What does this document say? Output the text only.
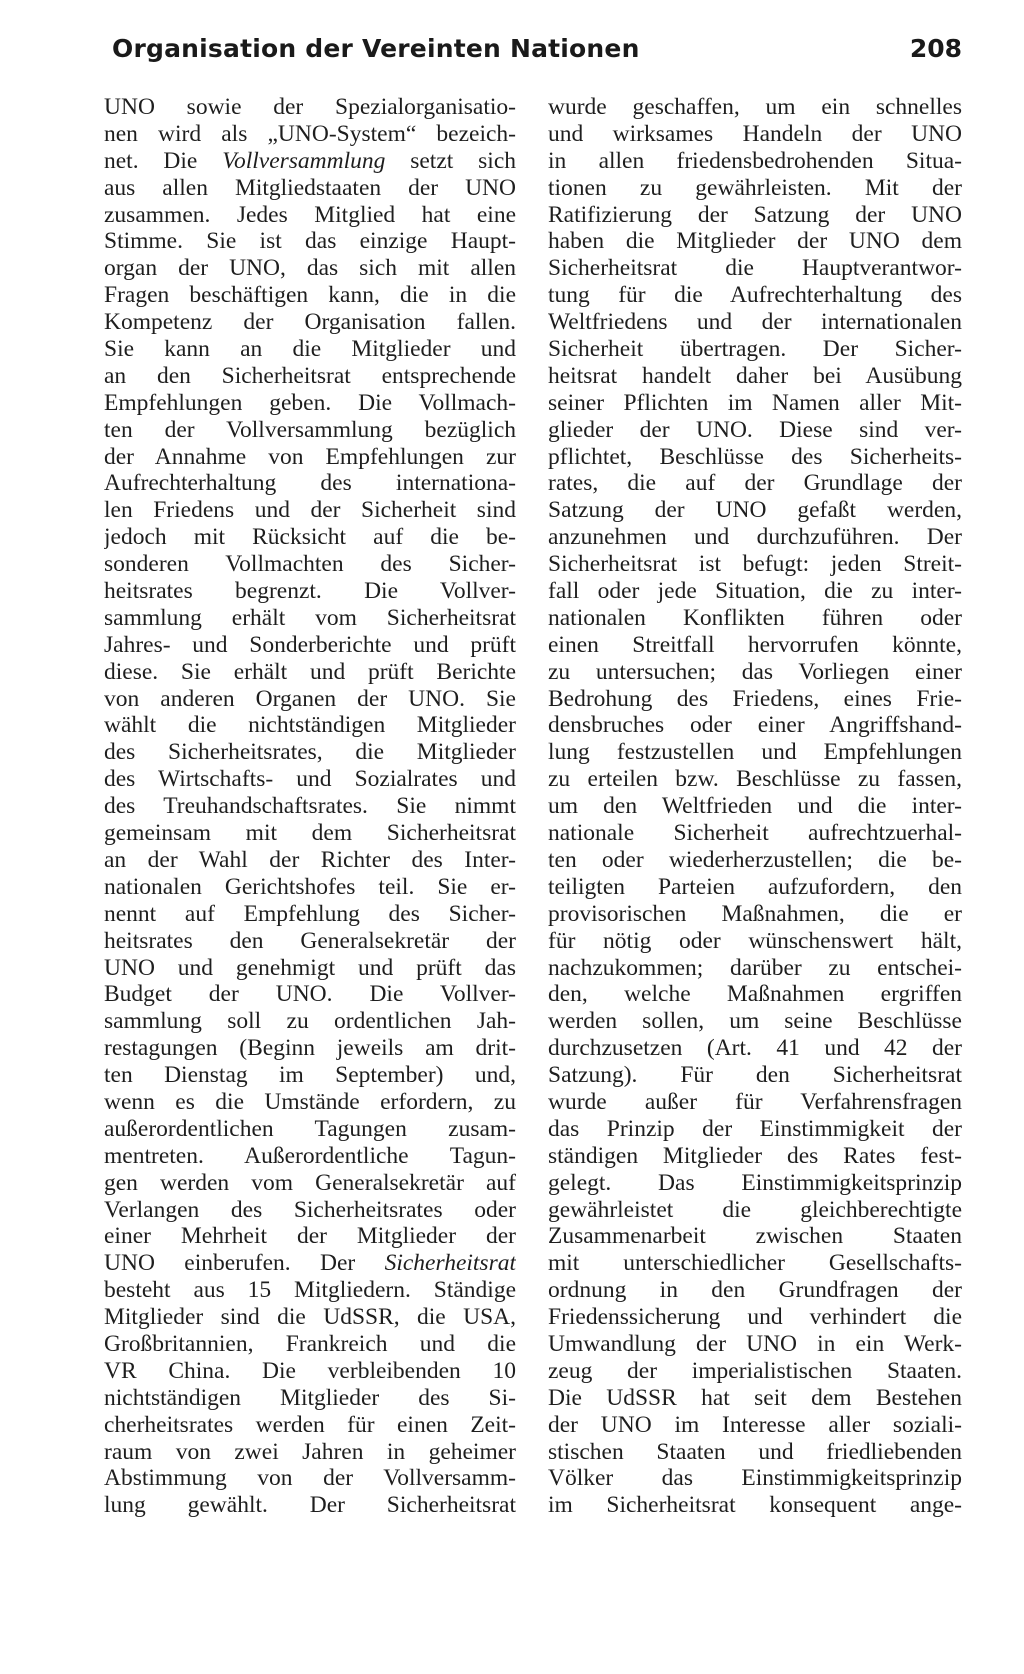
Organisation der Vereinten Nationen	208
UNO sowie der Spezialorganisatio-
nen wird als „UNO-System“ bezeich-
net. Die Vollversammlung setzt sich
aus allen Mitgliedstaaten der UNO
zusammen. Jedes Mitglied hat eine
Stimme. Sie ist das einzige Haupt-
organ der UNO, das sich mit allen
Fragen beschäftigen kann, die in die
Kompetenz der Organisation fallen.
Sie kann an die Mitglieder und
an den Sicherheitsrat entsprechende
Empfehlungen geben. Die Vollmach-
ten der Vollversammlung bezüglich
der Annahme von Empfehlungen zur
Aufrechterhaltung des internationa-
len Friedens und der Sicherheit sind
jedoch mit Rücksicht auf die be-
sonderen Vollmachten des Sicher-
heitsrates begrenzt. Die Vollver-
sammlung erhält vom Sicherheitsrat
Jahres- und Sonderberichte und prüft
diese. Sie erhält und prüft Berichte
von anderen Organen der UNO. Sie
wählt die nichtständigen Mitglieder
des Sicherheitsrates, die Mitglieder
des Wirtschafts- und Sozialrates und
des Treuhandschaftsrates. Sie nimmt
gemeinsam mit dem Sicherheitsrat
an der Wahl der Richter des Inter-
nationalen Gerichtshofes teil. Sie er-
nennt auf Empfehlung des Sicher-
heitsrates den Generalsekretär der
UNO und genehmigt und prüft das
Budget der UNO. Die Vollver-
sammlung soll zu ordentlichen Jah-
restagungen (Beginn jeweils am drit-
ten Dienstag im September) und,
wenn es die Umstände erfordern, zu
außerordentlichen Tagungen zusam-
mentreten. Außerordentliche Tagun-
gen werden vom Generalsekretär auf
Verlangen des Sicherheitsrates oder
einer Mehrheit der Mitglieder der
UNO einberufen. Der Sicherheitsrat
besteht aus 15 Mitgliedern. Ständige
Mitglieder sind die UdSSR, die USA,
Großbritannien, Frankreich und die
VR China. Die verbleibenden 10
nichtständigen Mitglieder des Si-
cherheitsrates werden für einen Zeit-
raum von zwei Jahren in geheimer
Abstimmung von der Vollversamm-
lung gewählt. Der Sicherheitsrat
wurde geschaffen, um ein schnelles
und wirksames Handeln der UNO
in allen friedensbedrohenden Situa-
tionen zu gewährleisten. Mit der
Ratifizierung der Satzung der UNO
haben die Mitglieder der UNO dem
Sicherheitsrat die Hauptverantwor-
tung für die Aufrechterhaltung des
Weltfriedens und der internationalen
Sicherheit übertragen. Der Sicher-
heitsrat handelt daher bei Ausübung
seiner Pflichten im Namen aller Mit-
glieder der UNO. Diese sind ver-
pflichtet, Beschlüsse des Sicherheits-
rates, die auf der Grundlage der
Satzung der UNO gefaßt werden,
anzunehmen und durchzuführen. Der
Sicherheitsrat ist befugt: jeden Streit-
fall oder jede Situation, die zu inter-
nationalen Konflikten führen oder
einen Streitfall hervorrufen könnte,
zu untersuchen; das Vorliegen einer
Bedrohung des Friedens, eines Frie-
densbruches oder einer Angriffshand-
lung festzustellen und Empfehlungen
zu erteilen bzw. Beschlüsse zu fassen,
um den Weltfrieden und die inter-
nationale Sicherheit aufrechtzuerhal-
ten oder wiederherzustellen; die be-
teiligten Parteien aufzufordern, den
provisorischen Maßnahmen, die er
für nötig oder wünschenswert hält,
nachzukommen; darüber zu entschei-
den, welche Maßnahmen ergriffen
werden sollen, um seine Beschlüsse
durchzusetzen (Art. 41 und 42 der
Satzung). Für den Sicherheitsrat
wurde außer für Verfahrensfragen
das Prinzip der Einstimmigkeit der
ständigen Mitglieder des Rates fest-
gelegt. Das Einstimmigkeitsprinzip
gewährleistet die gleichberechtigte
Zusammenarbeit zwischen Staaten
mit unterschiedlicher Gesellschafts-
ordnung in den Grundfragen der
Friedenssicherung und verhindert die
Umwandlung der UNO in ein Werk-
zeug der imperialistischen Staaten.
Die UdSSR hat seit dem Bestehen
der UNO im Interesse aller soziali-
stischen Staaten und friedliebenden
Völker das Einstimmigkeitsprinzip
im Sicherheitsrat konsequent ange-
